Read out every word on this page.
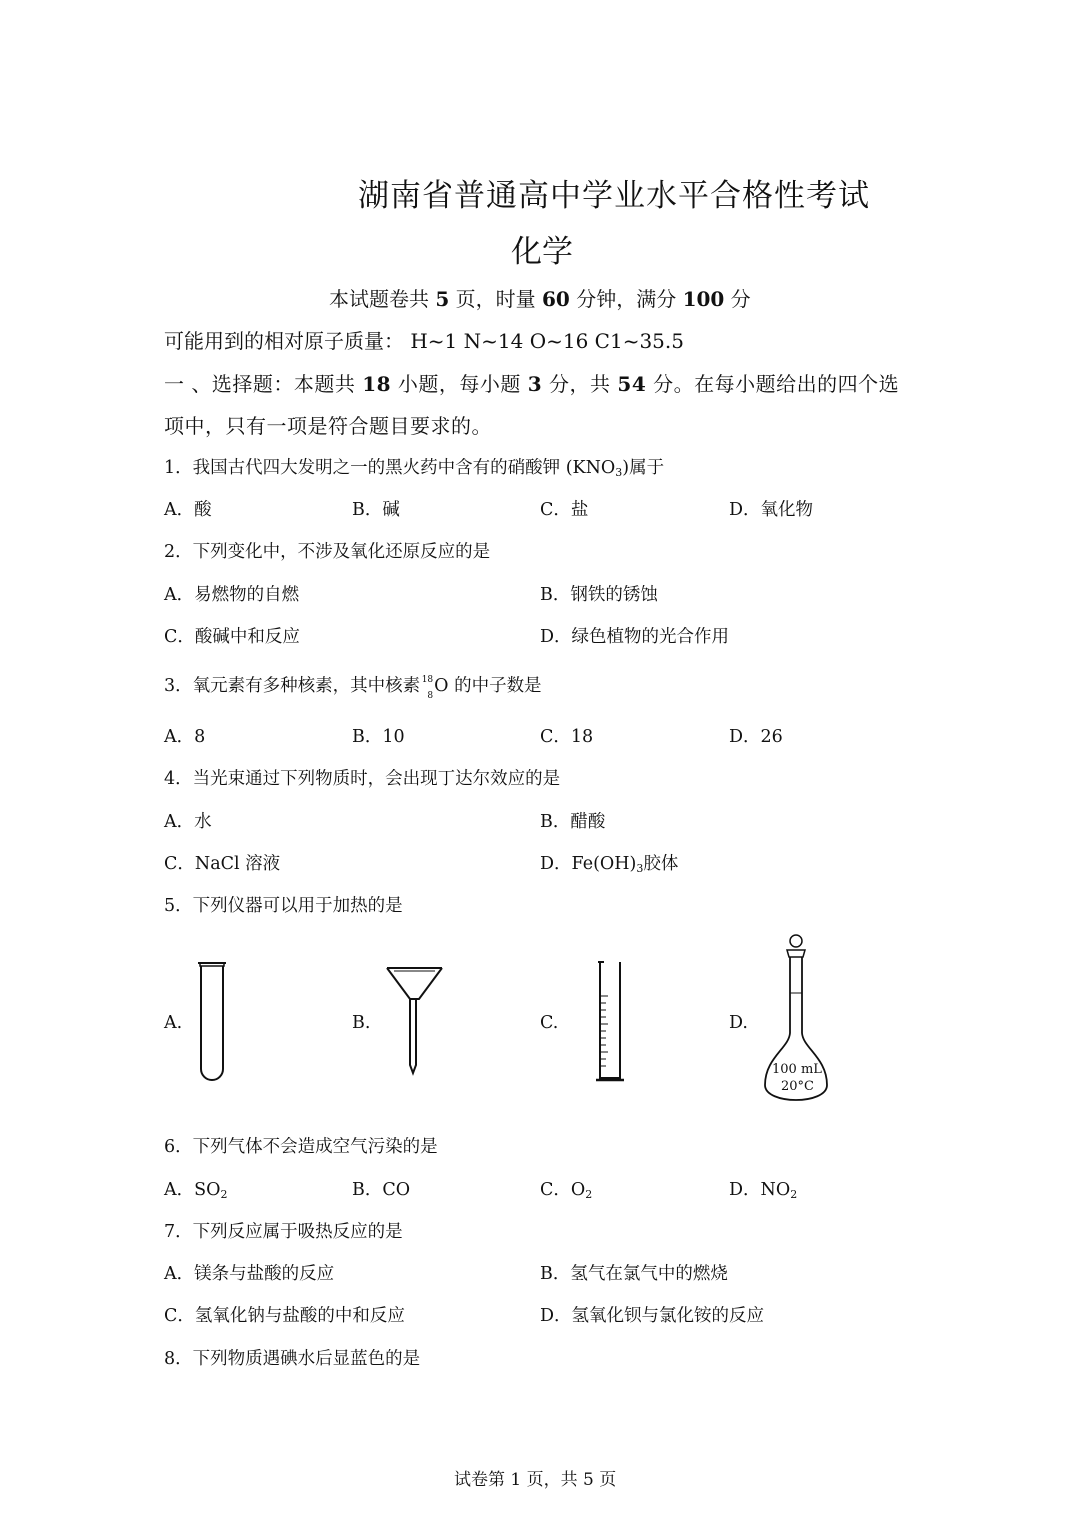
湖南省普通高中学业水平合格性考试
化学
本试题卷共 5 页，时量 60 分钟，满分 100 分
可能用到的相对原子质量： H~1 N~14 O~16 C1~35.5
一 、选择题：本题共 18 小题，每小题 3 分，共 54 分。在每小题给出的四个选
项中，只有一项是符合题目要求的。
1．我国古代四大发明之一的黑火药中含有的硝酸钾 $(KNO_3)$属于
A．酸	B．碱	C．盐	D．氧化物
2．下列变化中，不涉及氧化还原反应的是
A．易燃物的自燃	B．钢铁的锈蚀
C．酸碱中和反应	D．绿色植物的光合作用
3．氧元素有多种核素，其中核素 18
8 O 的中子数是
A．8	B．10	C．18	D．26
4．当光束通过下列物质时，会出现丁达尔效应的是
A．水	B．醋酸
C．NaCl 溶液	D．$Fe(OH)_3$胶体
5．下列仪器可以用于加热的是
A.	B.	C.	D.
100 mL
20°C
6．下列气体不会造成空气污染的是
A．$SO_2$	B．CO	C．$O_2$	D．$NO_2$
7．下列反应属于吸热反应的是
A．镁条与盐酸的反应	B．氢气在氯气中的燃烧
C．氢氧化钠与盐酸的中和反应	D．氢氧化钡与氯化铵的反应
8．下列物质遇碘水后显蓝色的是
试卷第 1 页，共 5 页
